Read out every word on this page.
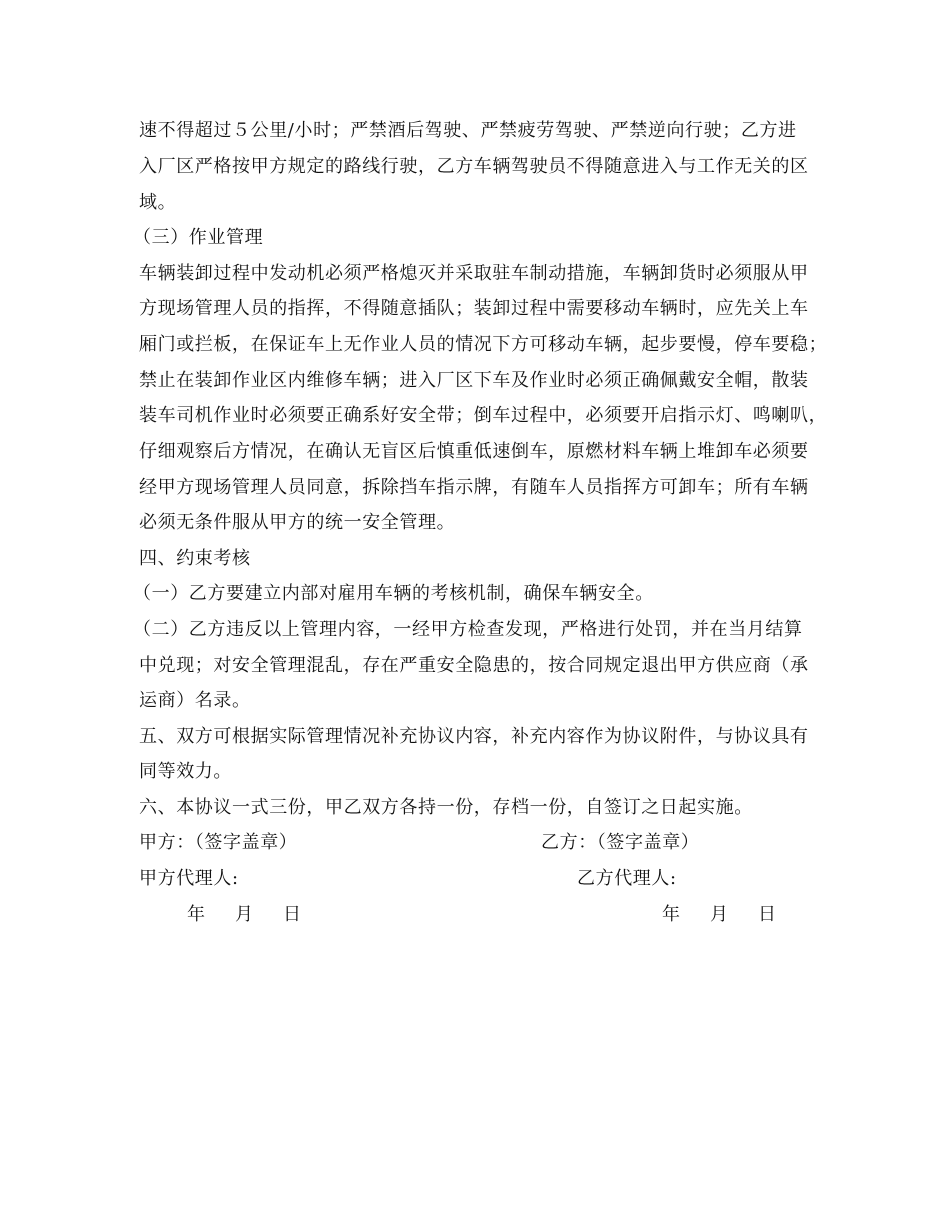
速不得超过５公里/小时；严禁酒后驾驶、严禁疲劳驾驶、严禁逆向行驶；乙方进
入厂区严格按甲方规定的路线行驶，乙方车辆驾驶员不得随意进入与工作无关的区
域。
（三）作业管理
车辆装卸过程中发动机必须严格熄灭并采取驻车制动措施，车辆卸货时必须服从甲
方现场管理人员的指挥，不得随意插队；装卸过程中需要移动车辆时，应先关上车
厢门或拦板，在保证车上无作业人员的情况下方可移动车辆，起步要慢，停车要稳；
禁止在装卸作业区内维修车辆；进入厂区下车及作业时必须正确佩戴安全帽，散装
装车司机作业时必须要正确系好安全带；倒车过程中，必须要开启指示灯、鸣喇叭，
仔细观察后方情况，在确认无盲区后慎重低速倒车，原燃材料车辆上堆卸车必须要
经甲方现场管理人员同意，拆除挡车指示牌，有随车人员指挥方可卸车；所有车辆
必须无条件服从甲方的统一安全管理。
四、约束考核
（一）乙方要建立内部对雇用车辆的考核机制，确保车辆安全。
（二）乙方违反以上管理内容，一经甲方检查发现，严格进行处罚，并在当月结算
中兑现；对安全管理混乱，存在严重安全隐患的，按合同规定退出甲方供应商（承
运商）名录。
五、双方可根据实际管理情况补充协议内容，补充内容作为协议附件，与协议具有
同等效力。
六、本协议一式三份，甲乙双方各持一份，存档一份，自签订之日起实施。
甲方：（签字盖章）	乙方：（签字盖章）
甲方代理人:	乙方代理人:
年 月 日	年 月 日
